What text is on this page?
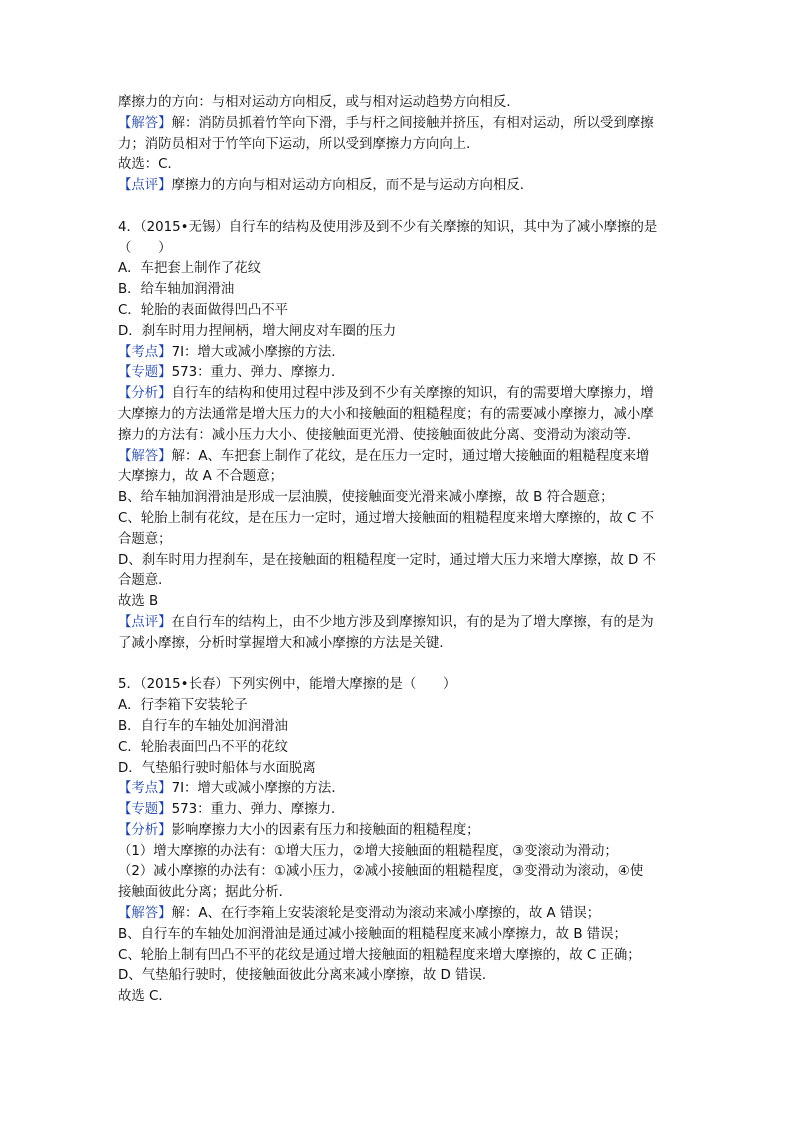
摩擦力的方向：与相对运动方向相反，或与相对运动趋势方向相反．
【解答】解：消防员抓着竹竿向下滑，手与杆之间接触并挤压，有相对运动，所以受到摩擦
力；消防员相对于竹竿向下运动，所以受到摩擦力方向向上．
故选：C．
【点评】摩擦力的方向与相对运动方向相反，而不是与运动方向相反．
4．（2015•无锡）自行车的结构及使用涉及到不少有关摩擦的知识，其中为了减小摩擦的是
（　　）
A．车把套上制作了花纹
B．给车轴加润滑油
C．轮胎的表面做得凹凸不平
D．刹车时用力捏闸柄，增大闸皮对车圈的压力
【考点】7I：增大或减小摩擦的方法．
【专题】573：重力、弹力、摩擦力．
【分析】自行车的结构和使用过程中涉及到不少有关摩擦的知识，有的需要增大摩擦力，增
大摩擦力的方法通常是增大压力的大小和接触面的粗糙程度；有的需要减小摩擦力，减小摩
擦力的方法有：减小压力大小、使接触面更光滑、使接触面彼此分离、变滑动为滚动等．
【解答】解：A、车把套上制作了花纹，是在压力一定时，通过增大接触面的粗糙程度来增
大摩擦力，故 A 不合题意；
B、给车轴加润滑油是形成一层油膜，使接触面变光滑来减小摩擦，故 B 符合题意；
C、轮胎上制有花纹，是在压力一定时，通过增大接触面的粗糙程度来增大摩擦的，故 C 不
合题意；
D、刹车时用力捏刹车，是在接触面的粗糙程度一定时，通过增大压力来增大摩擦，故 D 不
合题意．
故选 B
【点评】在自行车的结构上，由不少地方涉及到摩擦知识，有的是为了增大摩擦，有的是为
了减小摩擦，分析时掌握增大和减小摩擦的方法是关键．
5．（2015•长春）下列实例中，能增大摩擦的是（　　）
A．行李箱下安装轮子
B．自行车的车轴处加润滑油
C．轮胎表面凹凸不平的花纹
D．气垫船行驶时船体与水面脱离
【考点】7I：增大或减小摩擦的方法．
【专题】573：重力、弹力、摩擦力．
【分析】影响摩擦力大小的因素有压力和接触面的粗糙程度；
（1）增大摩擦的办法有：①增大压力，②增大接触面的粗糙程度，③变滚动为滑动；
（2）减小摩擦的办法有：①减小压力，②减小接触面的粗糙程度，③变滑动为滚动，④使
接触面彼此分离；据此分析．
【解答】解：A、在行李箱上安装滚轮是变滑动为滚动来减小摩擦的，故 A 错误；
B、自行车的车轴处加润滑油是通过减小接触面的粗糙程度来减小摩擦力，故 B 错误；
C、轮胎上制有凹凸不平的花纹是通过增大接触面的粗糙程度来增大摩擦的，故 C 正确；
D、气垫船行驶时，使接触面彼此分离来减小摩擦，故 D 错误．
故选 C．
